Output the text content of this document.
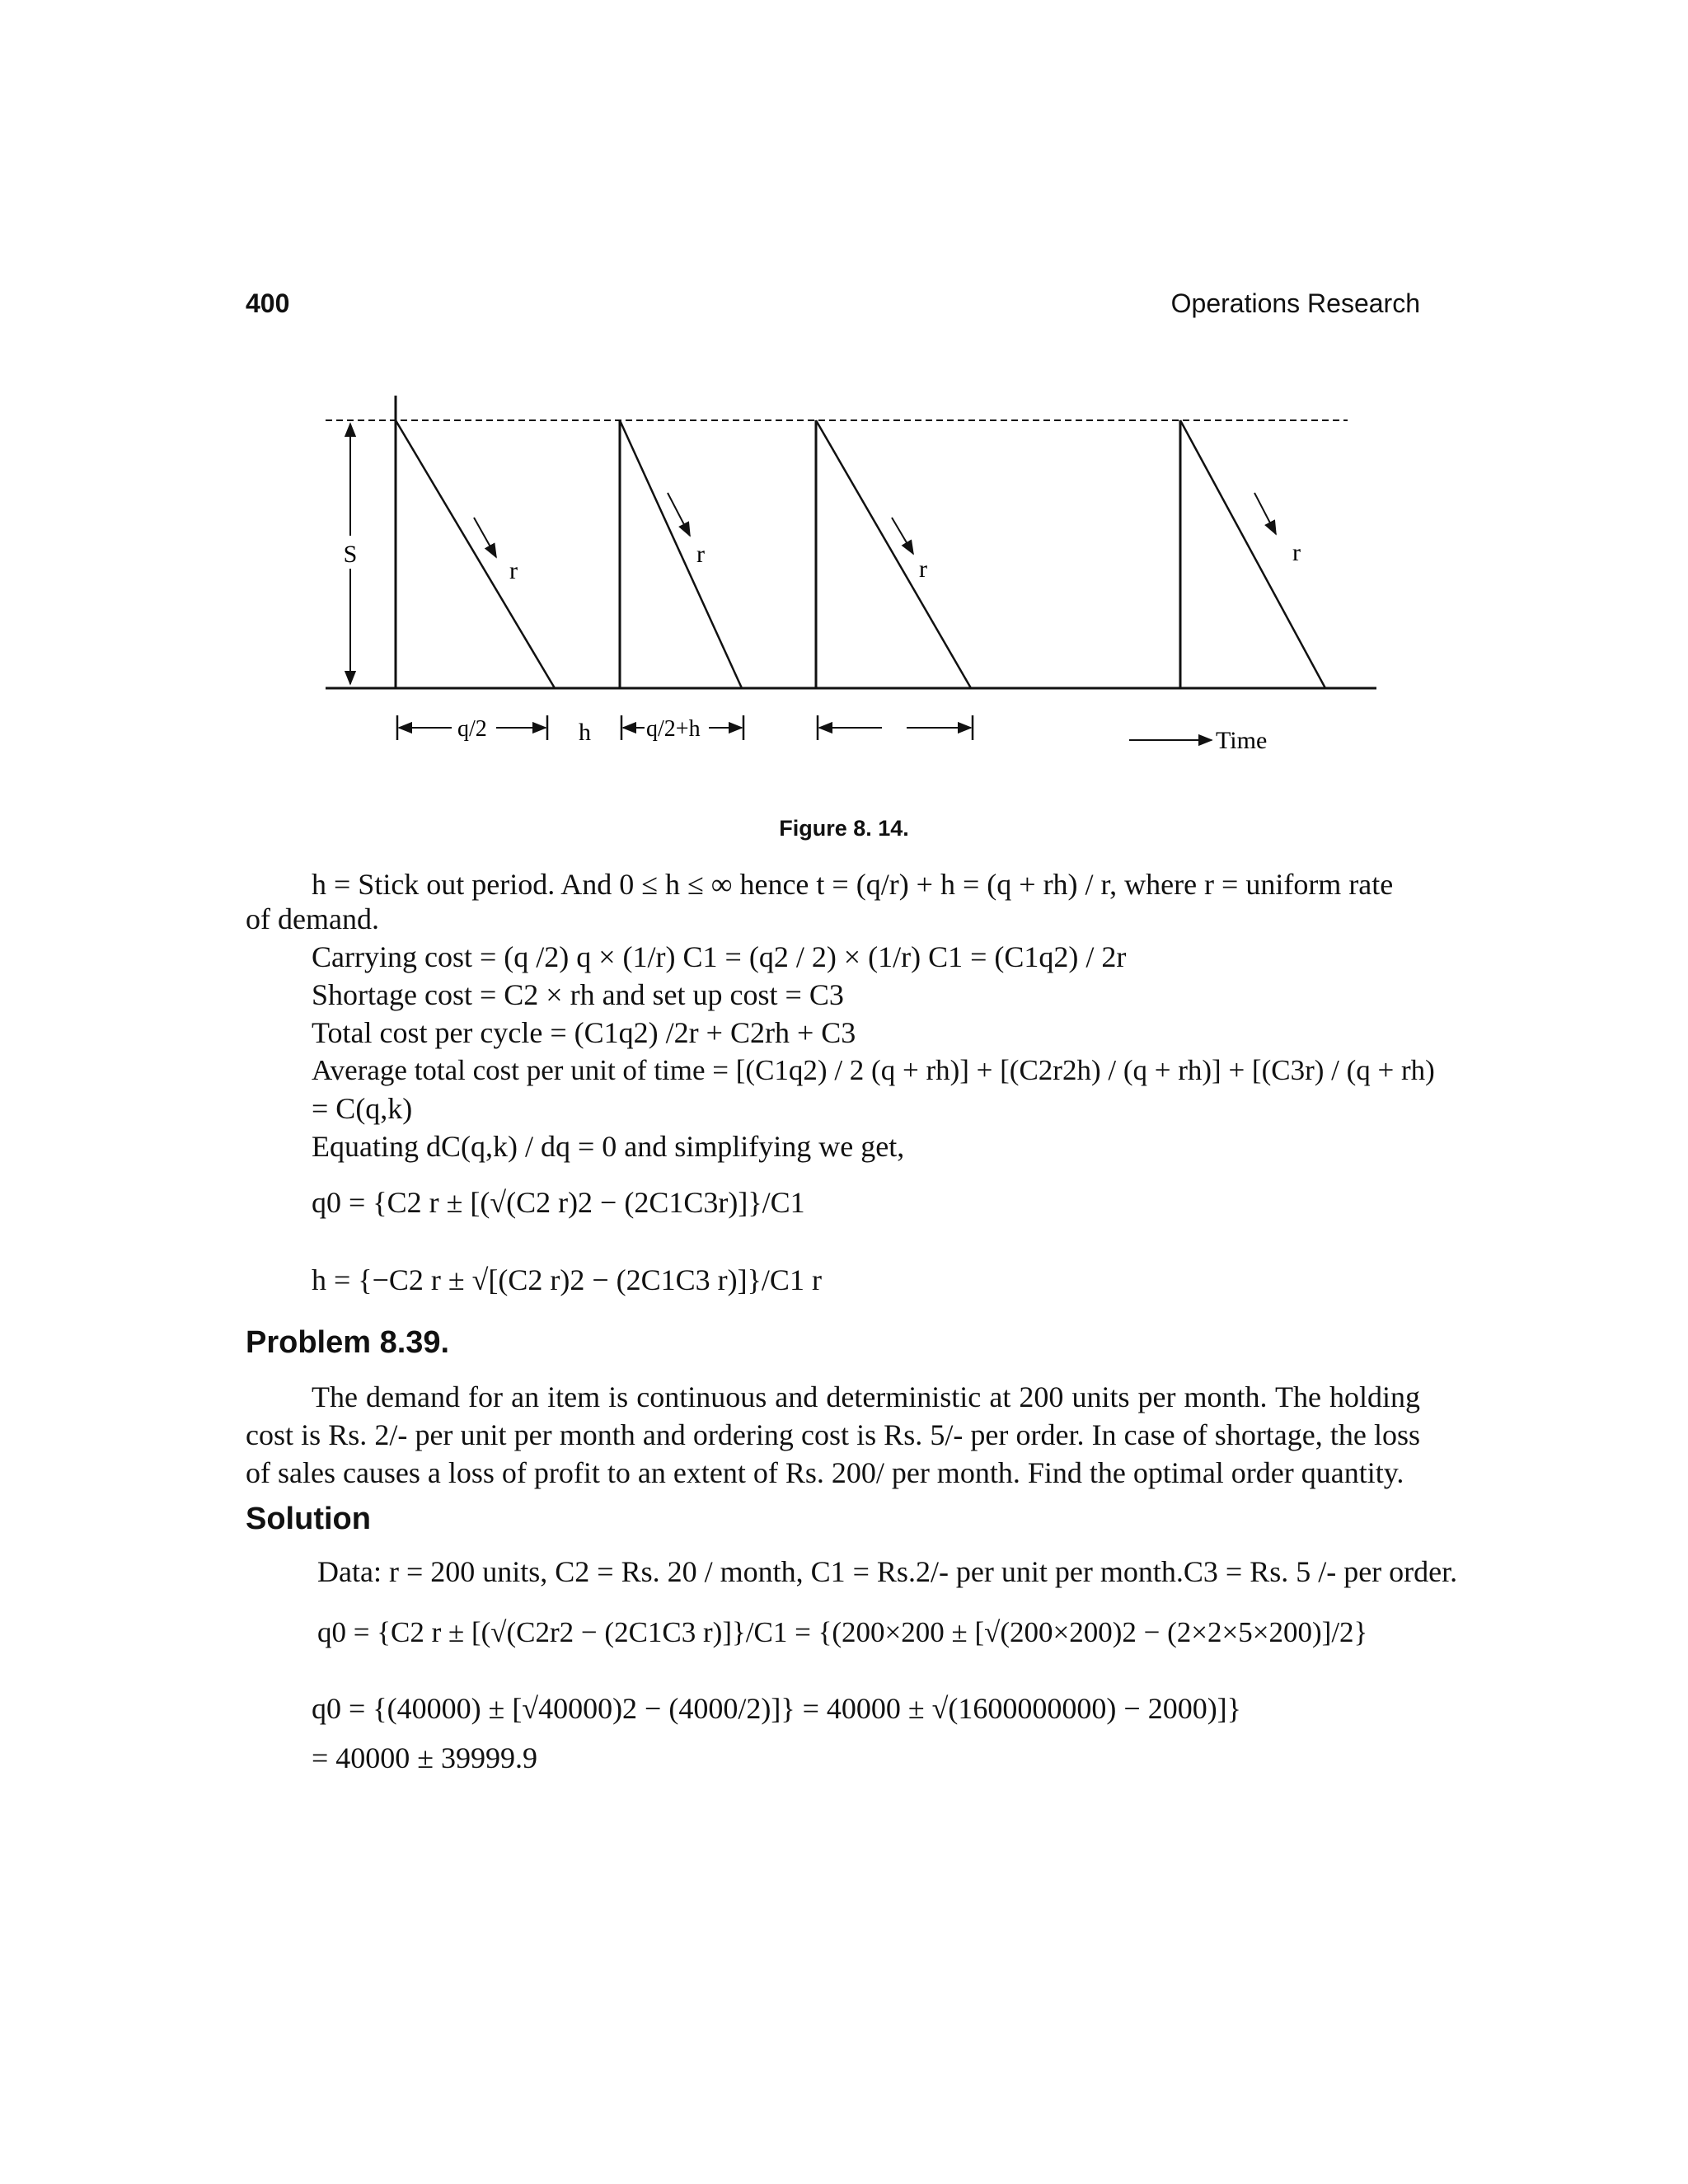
400	Operations Research
S
r
r
r
r
q/2	h q/2+h	Time
Figure 8. 14.
h = Stick out period. And 0 ≤ h ≤ ∞ hence t = (q/r) + h = (q + rh) / r, where r = uniform rate
of demand.
Carrying cost = (q /2) q × (1/r) C1 = (q2 / 2) × (1/r) C1 = (C1q2) / 2r
Shortage cost = C2 × rh and set up cost = C3
Total cost per cycle = (C1q2) /2r + C2rh + C3
Average total cost per unit of time = [(C1q2) / 2 (q + rh)] + [(C2r2h) / (q + rh)] + [(C3r) / (q + rh)
= C(q,k)
Equating dC(q,k) / dq = 0 and simplifying we get,
q0 = {C2 r ± [(√(C2 r)2 − (2C1C3r)]}/C1
h = {−C2 r ± √[(C2 r)2 − (2C1C3 r)]}/C1 r
Problem 8.39.
The demand for an item is continuous and deterministic at 200 units per month. The holding cost is Rs. 2/- per unit per month and ordering cost is Rs. 5/- per order. In case of shortage, the loss of sales causes a loss of profit to an extent of Rs. 200/ per month. Find the optimal order quantity.
Solution
Data: r = 200 units, C2 = Rs. 20 / month, C1 = Rs.2/- per unit per month.C3 = Rs. 5 /- per order.
q0 = {C2 r ± [(√(C2r2 − (2C1C3 r)]}/C1 = {(200×200 ± [√(200×200)2 − (2×2×5×200)]/2}
q0 = {(40000) ± [√40000)2 − (4000/2)]} = 40000 ± √(1600000000) − 2000)]}
= 40000 ± 39999.9
